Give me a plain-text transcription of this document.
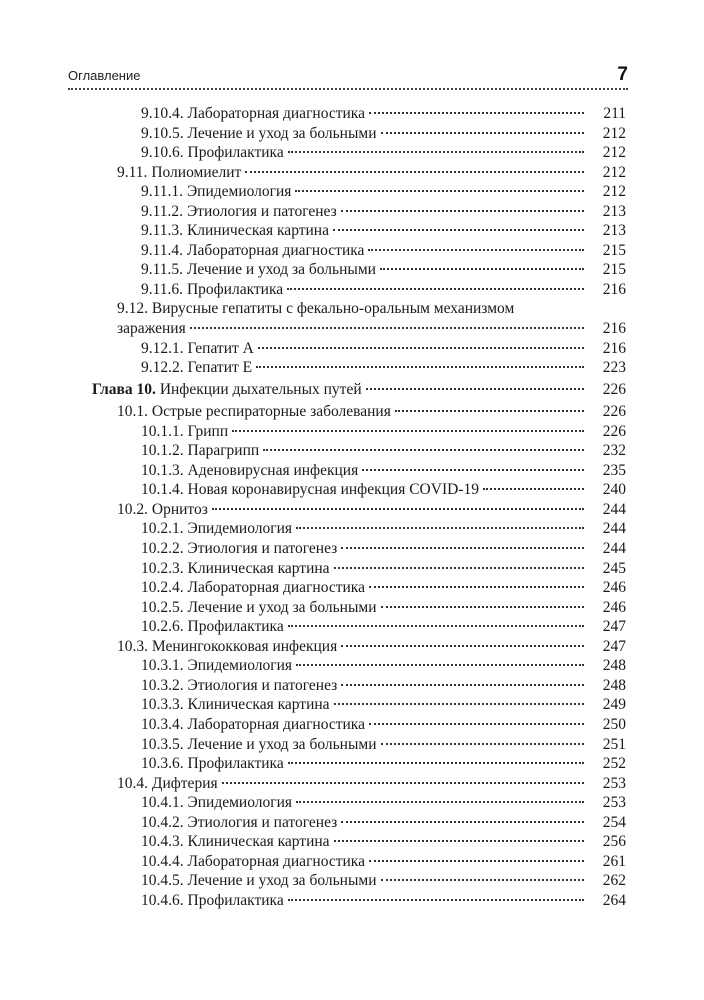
Оглавление	7
9.10.4. Лабораторная диагностика	211
9.10.5. Лечение и уход за больными	212
9.10.6. Профилактика	212
9.11. Полиомиелит	212
9.11.1. Эпидемиология	212
9.11.2. Этиология и патогенез	213
9.11.3. Клиническая картина	213
9.11.4. Лабораторная диагностика	215
9.11.5. Лечение и уход за больными	215
9.11.6. Профилактика	216
9.12. Вирусные гепатиты с фекально-оральным механизмом
заражения	216
9.12.1. Гепатит A	216
9.12.2. Гепатит E	223
Глава 10. Инфекции дыхательных путей	226
10.1. Острые респираторные заболевания	226
10.1.1. Грипп	226
10.1.2. Парагрипп	232
10.1.3. Аденовирусная инфекция	235
10.1.4. Новая коронавирусная инфекция COVID-19	240
10.2. Орнитоз	244
10.2.1. Эпидемиология	244
10.2.2. Этиология и патогенез	244
10.2.3. Клиническая картина	245
10.2.4. Лабораторная диагностика	246
10.2.5. Лечение и уход за больными	246
10.2.6. Профилактика	247
10.3. Менингококковая инфекция	247
10.3.1. Эпидемиология	248
10.3.2. Этиология и патогенез	248
10.3.3. Клиническая картина	249
10.3.4. Лабораторная диагностика	250
10.3.5. Лечение и уход за больными	251
10.3.6. Профилактика	252
10.4. Дифтерия	253
10.4.1. Эпидемиология	253
10.4.2. Этиология и патогенез	254
10.4.3. Клиническая картина	256
10.4.4. Лабораторная диагностика	261
10.4.5. Лечение и уход за больными	262
10.4.6. Профилактика	264
